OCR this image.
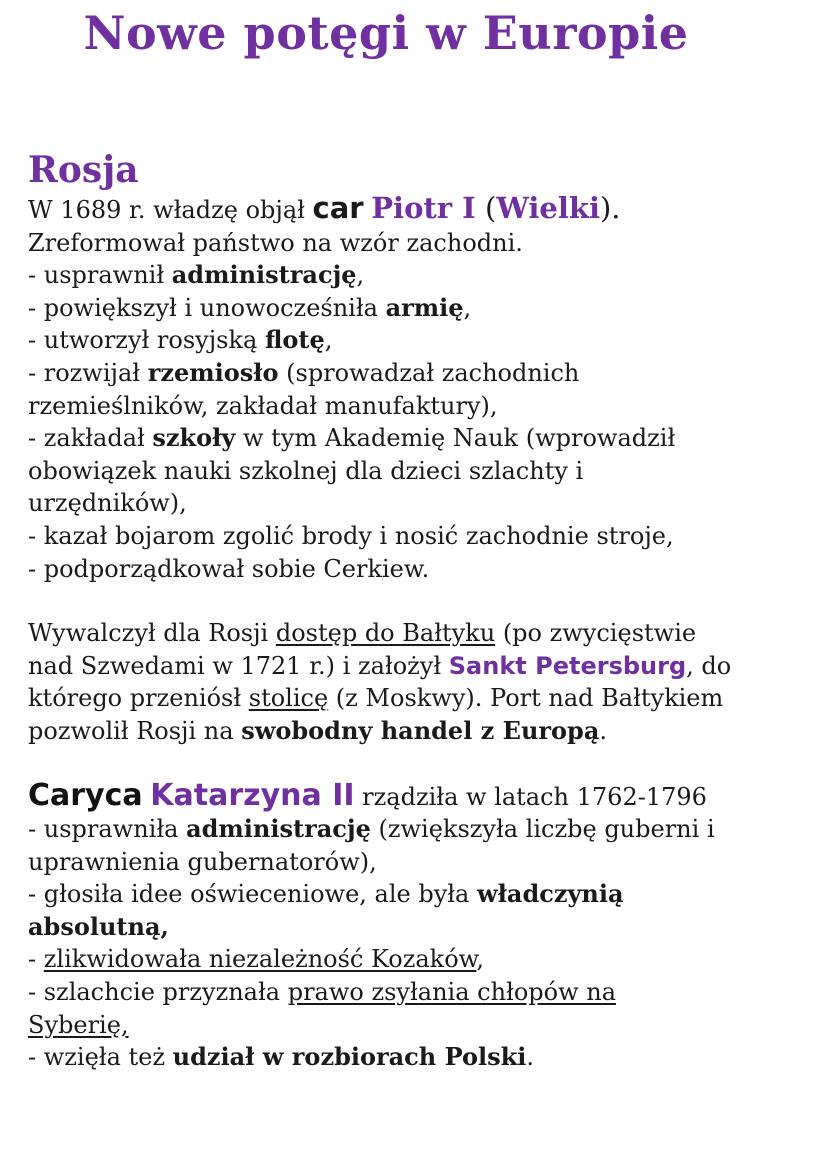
Nowe potęgi w Europie
Rosja

W 1689 r. władzę objął car Piotr I (Wielki).

Zreformował państwo na wzór zachodni.

- usprawnił administrację,

- powiększył i unowocześniła armię,

- utworzył rosyjską flotę,

- rozwijał rzemiosło (sprowadzał zachodnich

rzemieślników, zakładał manufaktury),

- zakładał szkoły w tym Akademię Nauk (wprowadził

obowiązek nauki szkolnej dla dzieci szlachty i

urzędników),

- kazał bojarom zgolić brody i nosić zachodnie stroje,

- podporządkował sobie Cerkiew.

Wywalczył dla Rosji dostęp do Bałtyku (po zwycięstwie

nad Szwedami w 1721 r.) i założył Sankt Petersburg, do

którego przeniósł stolicę (z Moskwy). Port nad Bałtykiem

pozwolił Rosji na swobodny handel z Europą.

Caryca Katarzyna II rządziła w latach 1762-1796

- usprawniła administrację (zwiększyła liczbę guberni i

uprawnienia gubernatorów),

- głosiła idee oświeceniowe, ale była władczynią

absolutną,

- zlikwidowała niezależność Kozaków,

- szlachcie przyznała prawo zsyłania chłopów na

Syberię,

- wzięła też udział w rozbiorach Polski.
